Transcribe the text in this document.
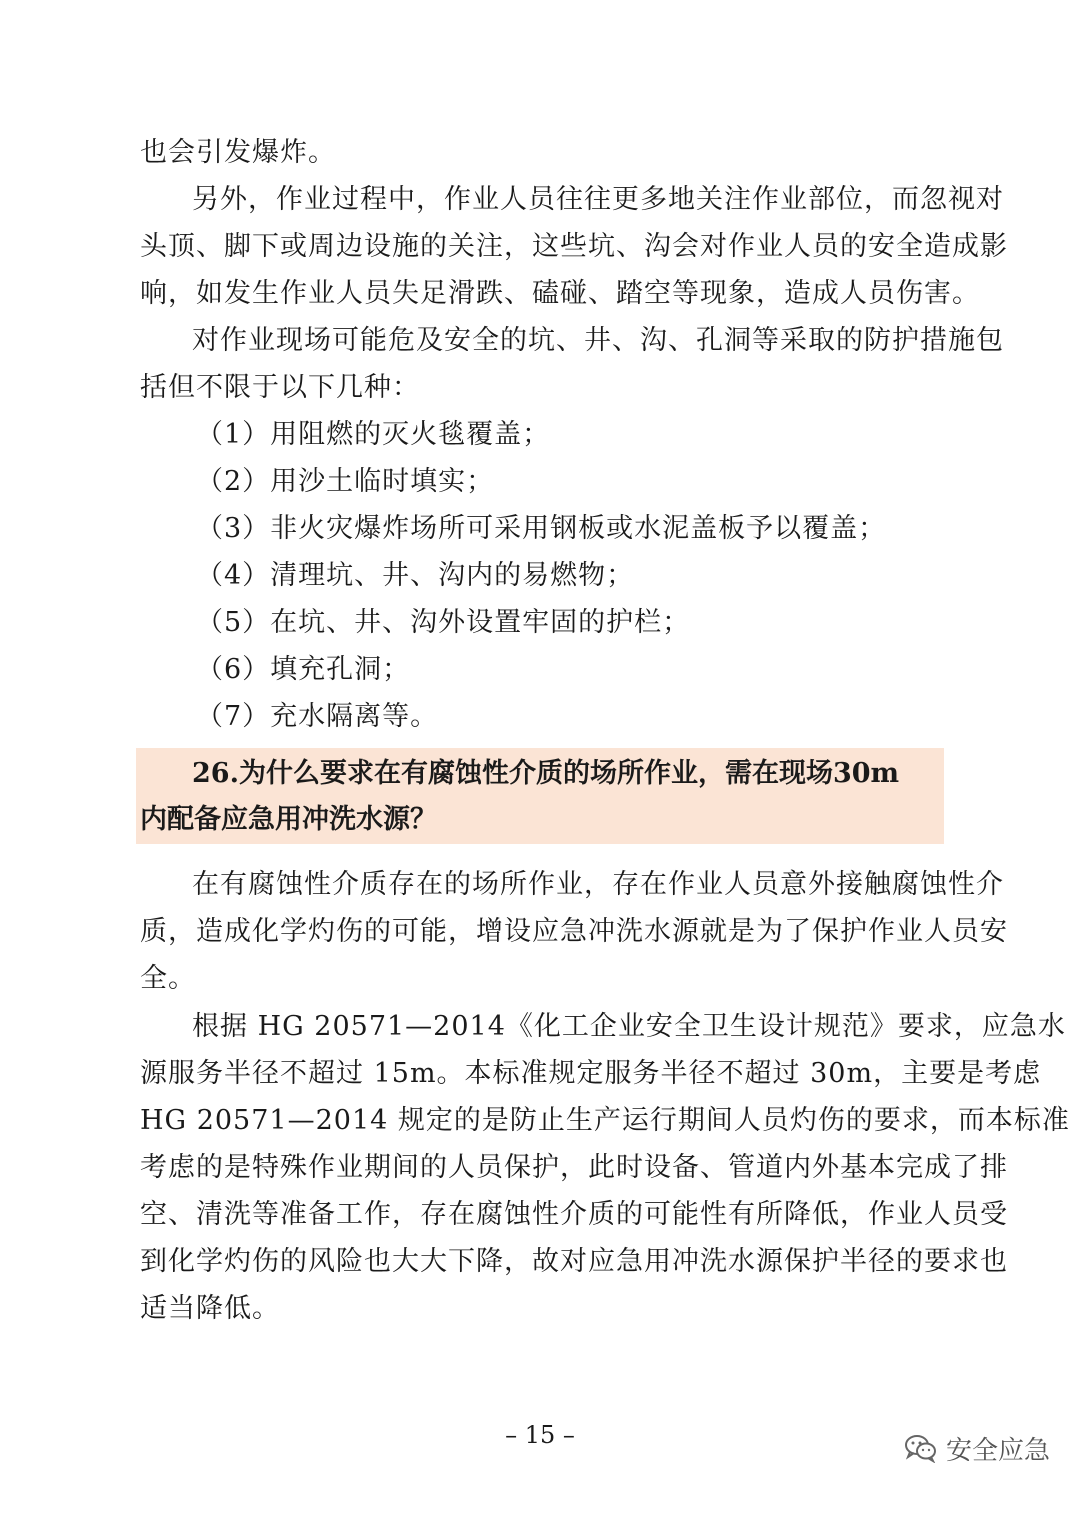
也会引发爆炸。
另外，作业过程中，作业人员往往更多地关注作业部位，而忽视对
头顶、脚下或周边设施的关注，这些坑、沟会对作业人员的安全造成影
响，如发生作业人员失足滑跌、磕碰、踏空等现象，造成人员伤害。
对作业现场可能危及安全的坑、井、沟、孔洞等采取的防护措施包
括但不限于以下几种：
（1）用阻燃的灭火毯覆盖；
（2）用沙土临时填实；
（3）非火灾爆炸场所可采用钢板或水泥盖板予以覆盖；
（4）清理坑、井、沟内的易燃物；
（5）在坑、井、沟外设置牢固的护栏；
（6）填充孔洞；
（7）充水隔离等。
26.为什么要求在有腐蚀性介质的场所作业，需在现场30m
内配备应急用冲洗水源？
在有腐蚀性介质存在的场所作业，存在作业人员意外接触腐蚀性介
质，造成化学灼伤的可能，增设应急冲洗水源就是为了保护作业人员安
全。
根据 HG 20571—2014《化工企业安全卫生设计规范》要求，应急水
源服务半径不超过 15m。本标准规定服务半径不超过 30m，主要是考虑
HG 20571—2014 规定的是防止生产运行期间人员灼伤的要求，而本标准
考虑的是特殊作业期间的人员保护，此时设备、管道内外基本完成了排
空、清洗等准备工作，存在腐蚀性介质的可能性有所降低，作业人员受
到化学灼伤的风险也大大下降，故对应急用冲洗水源保护半径的要求也
适当降低。
– 15 –
安全应急
